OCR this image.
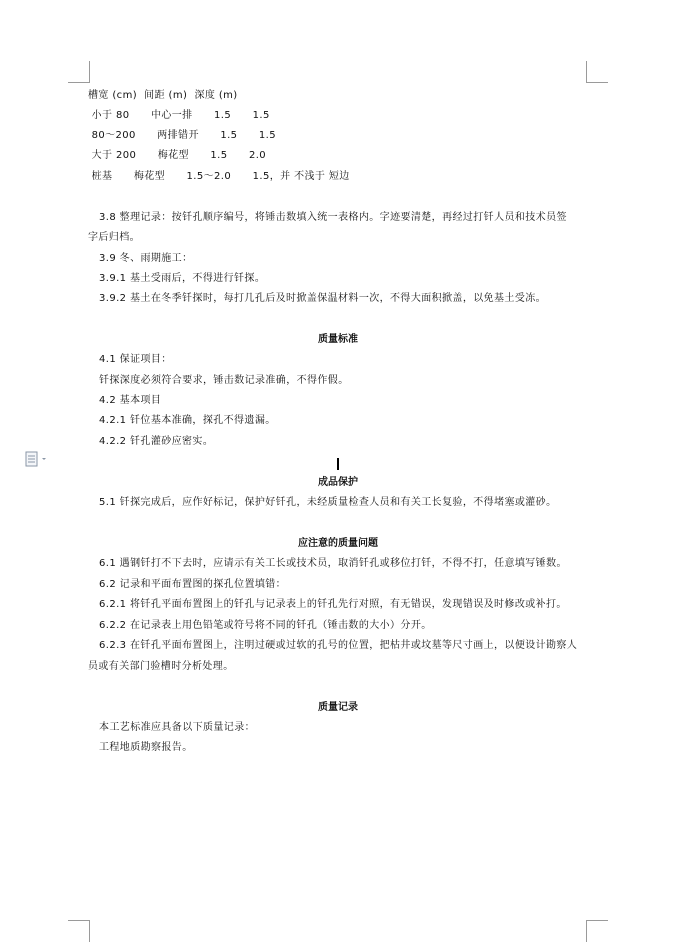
槽宽 (cm)  间距 (m)  深度 (m)
小于 80      中心一排      1.5      1.5
80～200      两排错开      1.5      1.5
大于 200      梅花型      1.5      2.0
桩基      梅花型      1.5～2.0      1.5，并 不浅于 短边
3.8 整理记录：按钎孔顺序编号，将锤击数填入统一表格内。字迹要清楚，再经过打钎人员和技术员签
字后归档。
3.9 冬、雨期施工：
3.9.1 基土受雨后，不得进行钎探。
3.9.2 基土在冬季钎探时，每打几孔后及时掀盖保温材料一次，不得大面积掀盖，以免基土受冻。
质量标准
4.1 保证项目：
钎探深度必须符合要求，锤击数记录准确，不得作假。
4.2 基本项目
4.2.1 钎位基本准确，探孔不得遗漏。
4.2.2 钎孔灌砂应密实。
成品保护
5.1 钎探完成后，应作好标记，保护好钎孔，未经质量检查人员和有关工长复验，不得堵塞或灌砂。
应注意的质量问题
6.1 遇钢钎打不下去时，应请示有关工长或技术员，取消钎孔或移位打钎，不得不打，任意填写锤数。
6.2 记录和平面布置图的探孔位置填错：
6.2.1 将钎孔平面布置图上的钎孔与记录表上的钎孔先行对照，有无错误，发现错误及时修改或补打。
6.2.2 在记录表上用色铅笔或符号将不同的钎孔（锤击数的大小）分开。
6.2.3 在钎孔平面布置图上，注明过硬或过软的孔号的位置，把枯井或坟墓等尺寸画上，以便设计勘察人
员或有关部门验槽时分析处理。
质量记录
本工艺标准应具备以下质量记录：
工程地质勘察报告。
